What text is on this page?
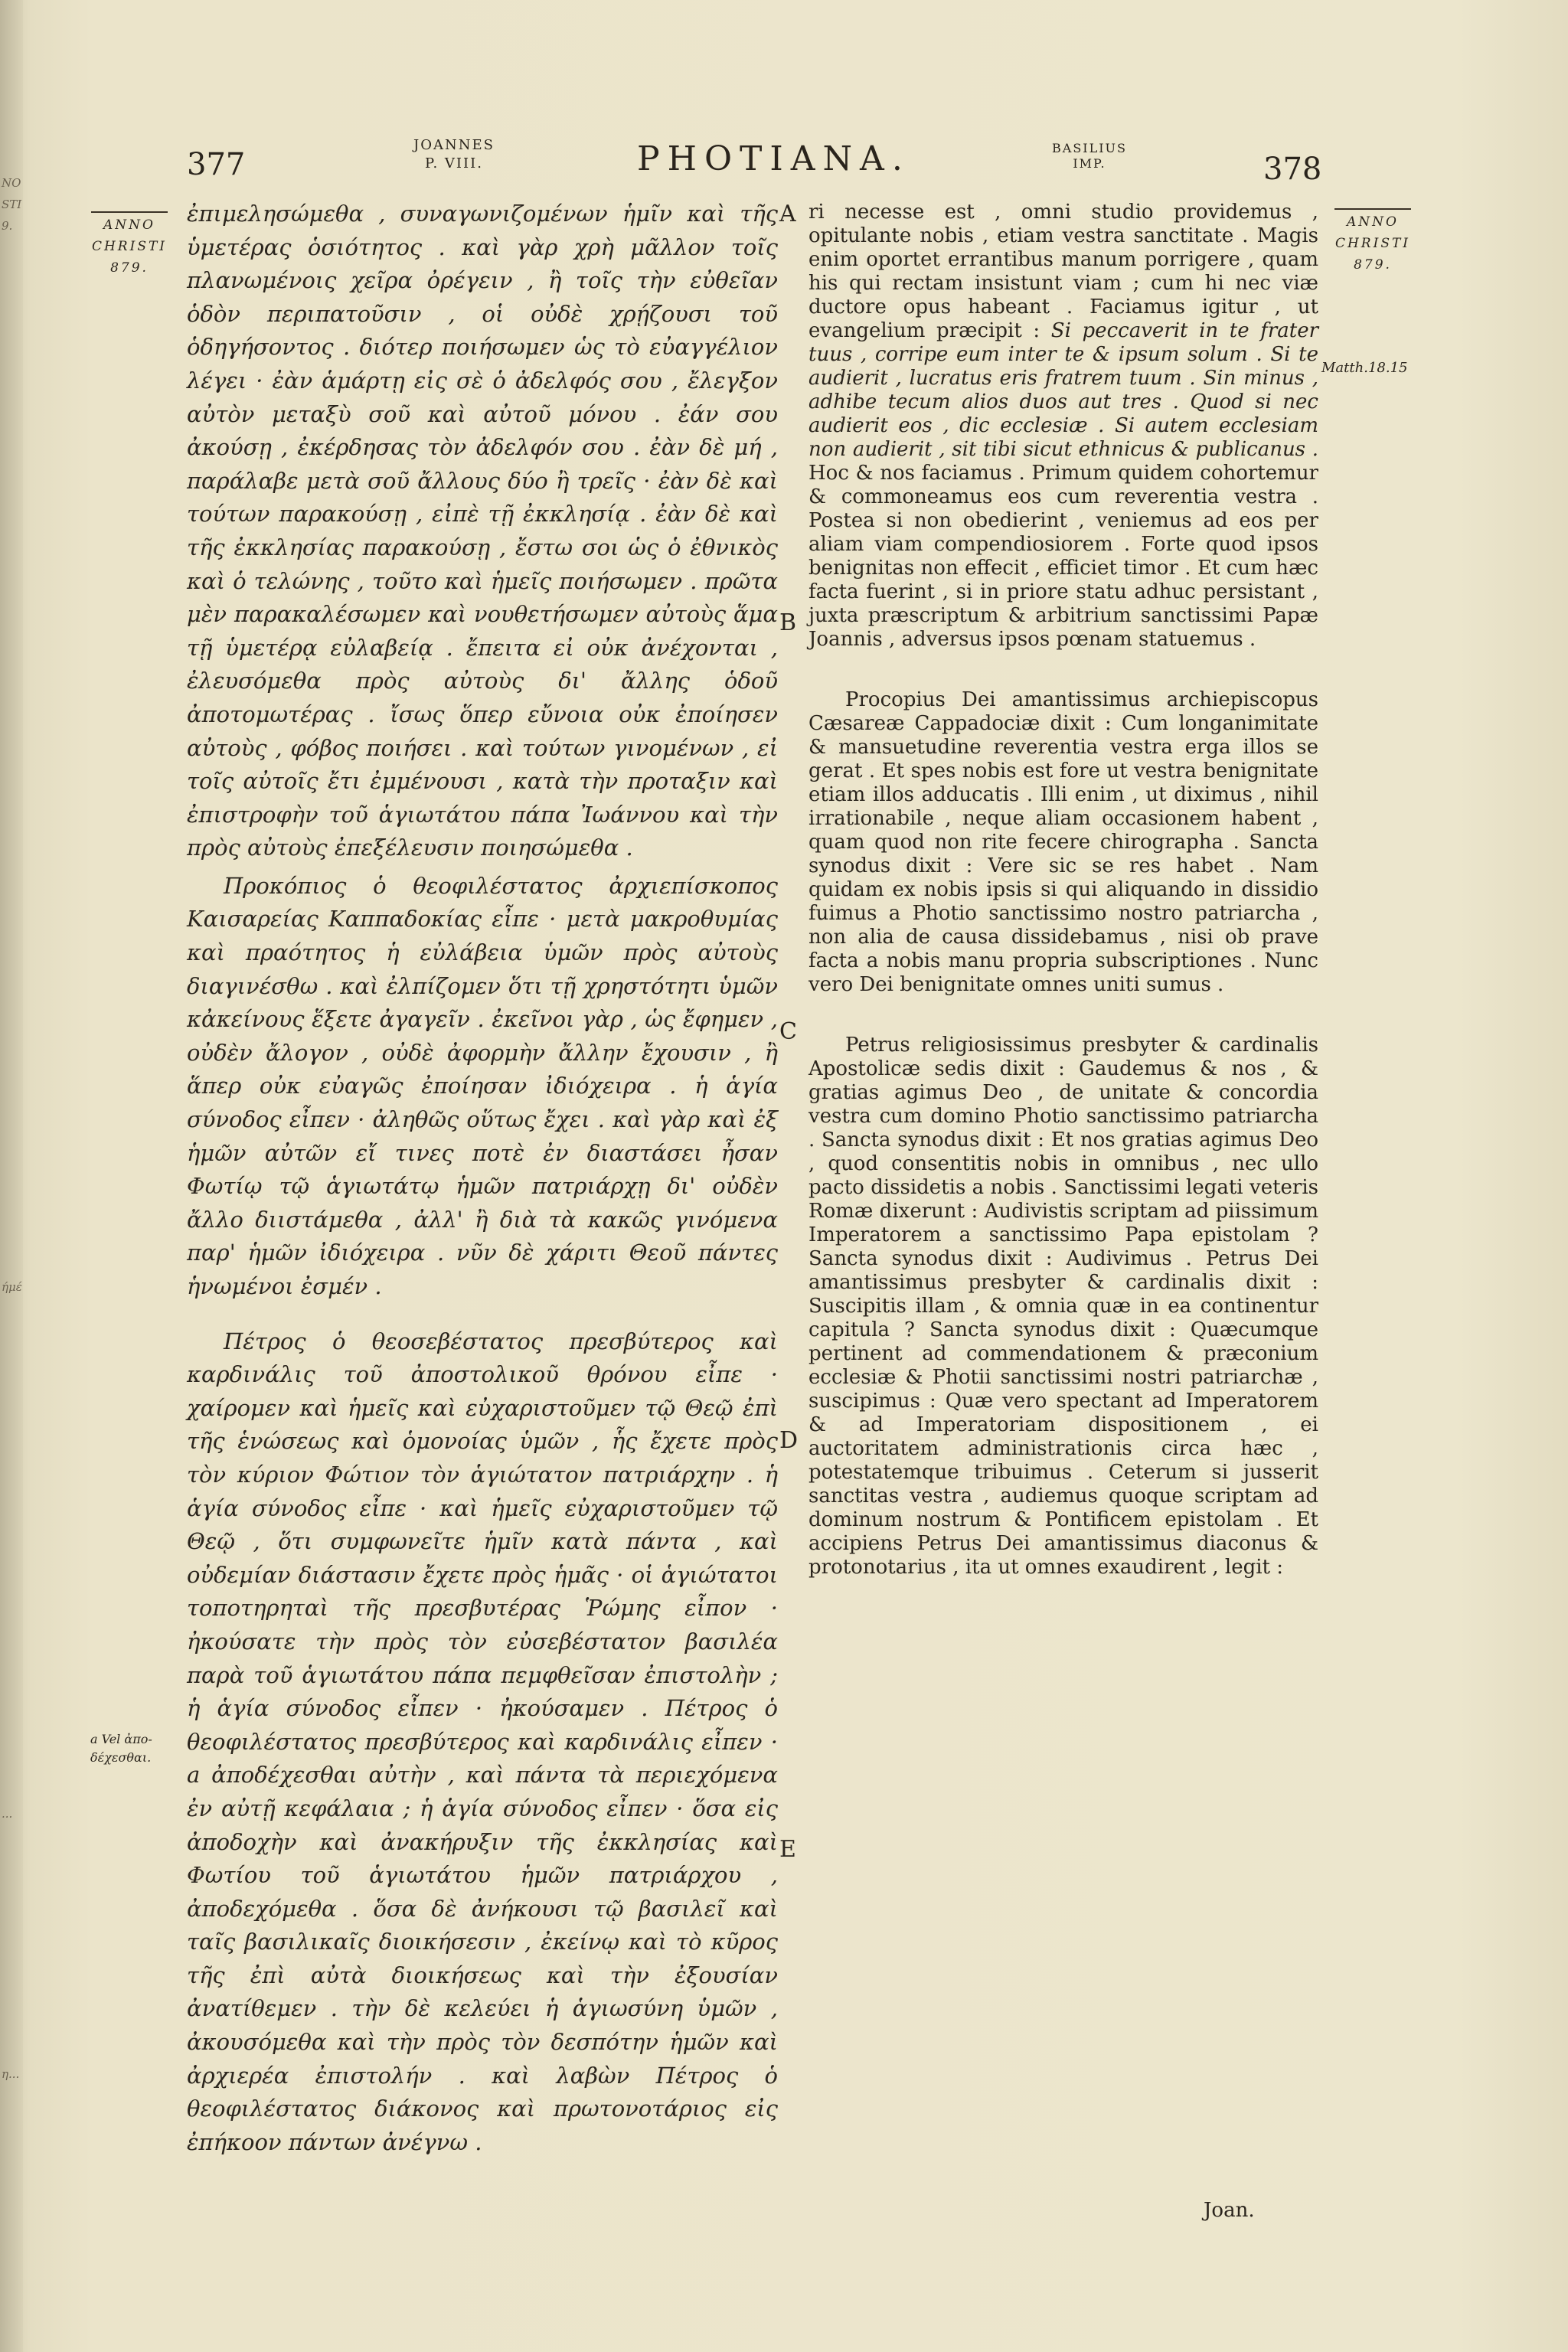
NO
STI
9.
ήμέ
...
η...
377
JOANNES
P. VIII.	PHOTIANA.	BASILIUS
IMP.	378
ANNO
CHRISTI
879.
ANNO
CHRISTI
879.
Matth.18.15
a Vel ἀπο-δέχεσθαι.
A
B
C
D
E

ἐπιμελησώμεθα , συναγωνιζομένων ἡμῖν καὶ τῆς ὑμετέρας ὁσιότητος . καὶ γὰρ χρὴ μᾶλλον τοῖς πλανωμένοις χεῖρα ὀρέγειν , ἢ τοῖς τὴν εὐθεῖαν ὁδὸν περιπατοῦσιν , οἱ οὐδὲ χρῄζουσι τοῦ ὁδηγήσοντος . διότερ ποιήσωμεν ὡς τὸ εὐαγγέλιον λέγει · ἐὰν ἁμάρτῃ εἰς σὲ ὁ ἀδελφός σου , ἔλεγξον αὐτὸν μεταξὺ σοῦ καὶ αὐτοῦ μόνου . ἐάν σου ἀκούσῃ , ἐκέρδησας τὸν ἀδελφόν σου . ἐὰν δὲ μή , παράλαβε μετὰ σοῦ ἄλλους δύο ἢ τρεῖς · ἐὰν δὲ καὶ τούτων παρακούσῃ , εἰπὲ τῇ ἐκκλησίᾳ . ἐὰν δὲ καὶ τῆς ἐκκλησίας παρακούσῃ , ἔστω σοι ὡς ὁ ἐθνικὸς καὶ ὁ τελώνης , τοῦτο καὶ ἡμεῖς ποιήσωμεν . πρῶτα μὲν παρακαλέσωμεν καὶ νουθετήσωμεν αὐτοὺς ἅμα τῇ ὑμετέρᾳ εὐλαβείᾳ . ἔπειτα εἰ οὐκ ἀνέχονται , ἐλευσόμεθα πρὸς αὐτοὺς δι' ἄλλης ὁδοῦ ἀποτομωτέρας . ἴσως ὅπερ εὔνοια οὐκ ἐποίησεν αὐτοὺς , φόβος ποιήσει . καὶ τούτων γινομένων , εἰ τοῖς αὐτοῖς ἔτι ἐμμένουσι , κατὰ τὴν προταξιν καὶ ἐπιστροφὴν τοῦ ἁγιωτάτου πάπα Ἰωάννου καὶ τὴν πρὸς αὐτοὺς ἐπεξέλευσιν ποιησώμεθα .

Προκόπιος ὁ θεοφιλέστατος ἀρχιεπίσκοπος Καισαρείας Καππαδοκίας εἶπε · μετὰ μακροθυμίας καὶ πραότητος ἡ εὐλάβεια ὑμῶν πρὸς αὐτοὺς διαγινέσθω . καὶ ἐλπίζομεν ὅτι τῇ χρηστότητι ὑμῶν κἀκείνους ἕξετε ἀγαγεῖν . ἐκεῖνοι γὰρ , ὡς ἔφημεν , οὐδὲν ἄλογον , οὐδὲ ἀφορμὴν ἄλλην ἔχουσιν , ἢ ἅπερ οὐκ εὐαγῶς ἐποίησαν ἰδιόχειρα . ἡ ἁγία σύνοδος εἶπεν · ἀληθῶς οὕτως ἔχει . καὶ γὰρ καὶ ἐξ ἡμῶν αὐτῶν εἴ τινες ποτὲ ἐν διαστάσει ἦσαν Φωτίῳ τῷ ἁγιωτάτῳ ἡμῶν πατριάρχῃ δι' οὐδὲν ἄλλο διιστάμεθα , ἀλλ' ἢ διὰ τὰ κακῶς γινόμενα παρ' ἡμῶν ἰδιόχειρα . νῦν δὲ χάριτι Θεοῦ πάντες ἡνωμένοι ἐσμέν .

Πέτρος ὁ θεοσεβέστατος πρεσβύτερος καὶ καρδινάλις τοῦ ἀποστολικοῦ θρόνου εἶπε · χαίρομεν καὶ ἡμεῖς καὶ εὐχαριστοῦμεν τῷ Θεῷ ἐπὶ τῆς ἑνώσεως καὶ ὁμονοίας ὑμῶν , ἧς ἔχετε πρὸς τὸν κύριον Φώτιον τὸν ἁγιώτατον πατριάρχην . ἡ ἁγία σύνοδος εἶπε · καὶ ἡμεῖς εὐχαριστοῦμεν τῷ Θεῷ , ὅτι συμφωνεῖτε ἡμῖν κατὰ πάντα , καὶ οὐδεμίαν διάστασιν ἔχετε πρὸς ἡμᾶς · οἱ ἁγιώτατοι τοποτηρηταὶ τῆς πρεσβυτέρας Ῥώμης εἶπον · ἠκούσατε τὴν πρὸς τὸν εὐσεβέστατον βασιλέα παρὰ τοῦ ἁγιωτάτου πάπα πεμφθεῖσαν ἐπιστολὴν ; ἡ ἁγία σύνοδος εἶπεν · ἠκούσαμεν . Πέτρος ὁ θεοφιλέστατος πρεσβύτερος καὶ καρδινάλις εἶπεν · a ἀποδέχεσθαι αὐτὴν , καὶ πάντα τὰ περιεχόμενα ἐν αὐτῇ κεφάλαια ; ἡ ἁγία σύνοδος εἶπεν · ὅσα εἰς ἀποδοχὴν καὶ ἀνακήρυξιν τῆς ἐκκλησίας καὶ Φωτίου τοῦ ἁγιωτάτου ἡμῶν πατριάρχου , ἀποδεχόμεθα . ὅσα δὲ ἀνήκουσι τῷ βασιλεῖ καὶ ταῖς βασιλικαῖς διοικήσεσιν , ἐκείνῳ καὶ τὸ κῦρος τῆς ἐπὶ αὐτὰ διοικήσεως καὶ τὴν ἐξουσίαν ἀνατίθεμεν . τὴν δὲ κελεύει ἡ ἁγιωσύνη ὑμῶν , ἀκουσόμεθα καὶ τὴν πρὸς τὸν δεσπότην ἡμῶν καὶ ἀρχιερέα ἐπιστολήν . καὶ λαβὼν Πέτρος ὁ θεοφιλέστατος διάκονος καὶ πρωτονοτάριος εἰς ἐπήκοον πάντων ἀνέγνω .

ri necesse est , omni studio providemus , opitulante nobis , etiam vestra sanctitate . Magis enim oportet errantibus manum porrigere , quam his qui rectam insistunt viam ; cum hi nec viæ ductore opus habeant . Faciamus igitur , ut evangelium præcipit : Si peccaverit in te frater tuus , corripe eum inter te & ipsum solum . Si te audierit , lucratus eris fratrem tuum . Sin minus , adhibe tecum alios duos aut tres . Quod si nec audierit eos , dic ecclesiæ . Si autem ecclesiam non audierit , sit tibi sicut ethnicus & publicanus . Hoc & nos faciamus . Primum quidem cohortemur & commoneamus eos cum reverentia vestra . Postea si non obedierint , veniemus ad eos per aliam viam compendiosiorem . Forte quod ipsos benignitas non effecit , efficiet timor . Et cum hæc facta fuerint , si in priore statu adhuc persistant , juxta præscriptum & arbitrium sanctissimi Papæ Joannis , adversus ipsos pœnam statuemus .

Procopius Dei amantissimus archiepiscopus Cæsareæ Cappadociæ dixit : Cum longanimitate & mansuetudine reverentia vestra erga illos se gerat . Et spes nobis est fore ut vestra benignitate etiam illos adducatis . Illi enim , ut diximus , nihil irrationabile , neque aliam occasionem habent , quam quod non rite fecere chirographa . Sancta synodus dixit : Vere sic se res habet . Nam quidam ex nobis ipsis si qui aliquando in dissidio fuimus a Photio sanctissimo nostro patriarcha , non alia de causa dissidebamus , nisi ob prave facta a nobis manu propria subscriptiones . Nunc vero Dei benignitate omnes uniti sumus .

Petrus religiosissimus presbyter & cardinalis Apostolicæ sedis dixit : Gaudemus & nos , & gratias agimus Deo , de unitate & concordia vestra cum domino Photio sanctissimo patriarcha . Sancta synodus dixit : Et nos gratias agimus Deo , quod consentitis nobis in omnibus , nec ullo pacto dissidetis a nobis . Sanctissimi legati veteris Romæ dixerunt : Audivistis scriptam ad piissimum Imperatorem a sanctissimo Papa epistolam ? Sancta synodus dixit : Audivimus . Petrus Dei amantissimus presbyter & cardinalis dixit : Suscipitis illam , & omnia quæ in ea continentur capitula ? Sancta synodus dixit : Quæcumque pertinent ad commendationem & præconium ecclesiæ & Photii sanctissimi nostri patriarchæ , suscipimus : Quæ vero spectant ad Imperatorem & ad Imperatoriam dispositionem , ei auctoritatem administrationis circa hæc , potestatemque tribuimus . Ceterum si jusserit sanctitas vestra , audiemus quoque scriptam ad dominum nostrum & Pontificem epistolam . Et accipiens Petrus Dei amantissimus diaconus & protonotarius , ita ut omnes exaudirent , legit :

Joan.
